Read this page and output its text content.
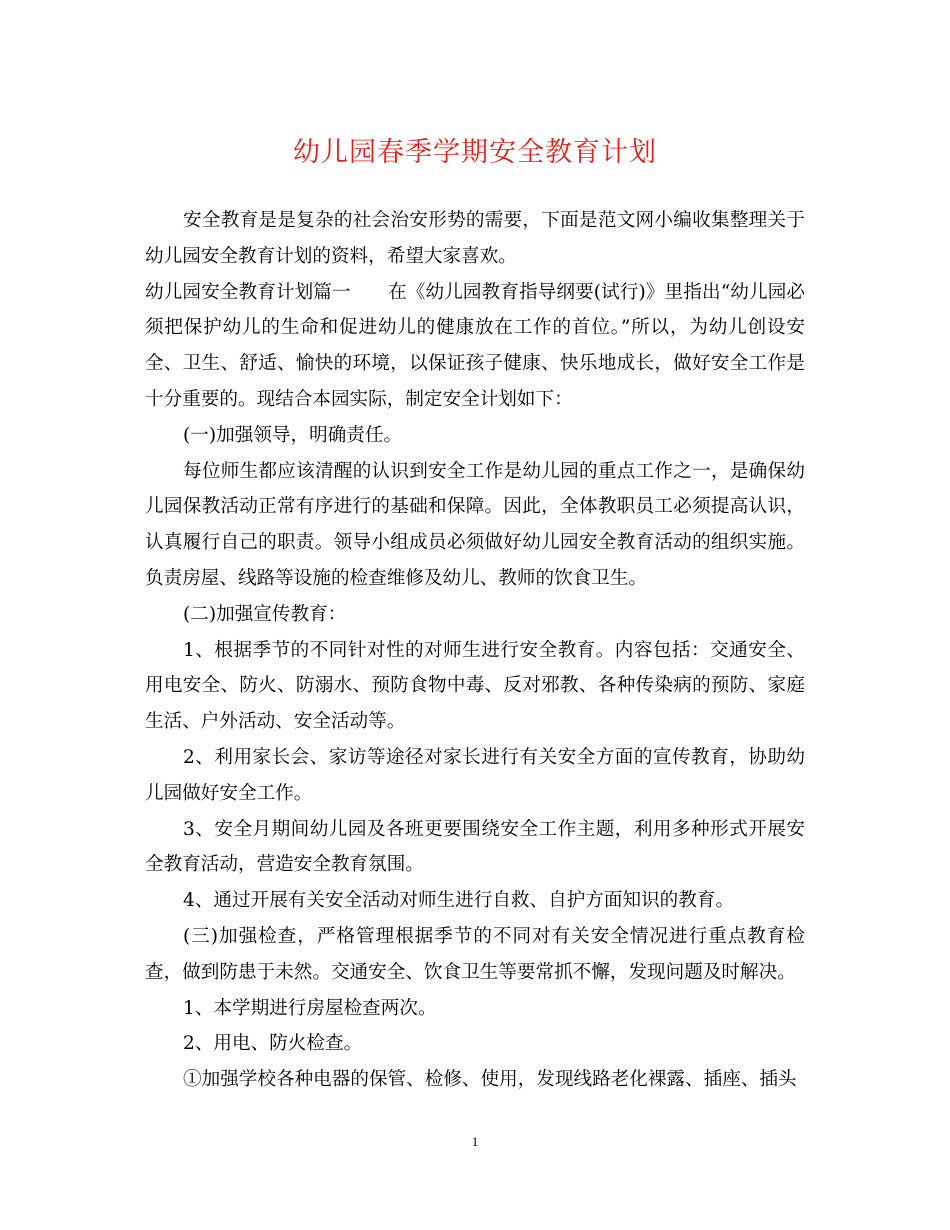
幼儿园春季学期安全教育计划

安全教育是是复杂的社会治安形势的需要，下面是范文网小编收集整理关于幼儿园安全教育计划的资料，希望大家喜欢。

幼儿园安全教育计划篇一　　在《幼儿园教育指导纲要(试行)》里指出“幼儿园必须把保护幼儿的生命和促进幼儿的健康放在工作的首位。”所以，为幼儿创设安全、卫生、舒适、愉快的环境，以保证孩子健康、快乐地成长，做好安全工作是十分重要的。现结合本园实际，制定安全计划如下：

(一)加强领导，明确责任。

每位师生都应该清醒的认识到安全工作是幼儿园的重点工作之一，是确保幼儿园保教活动正常有序进行的基础和保障。因此，全体教职员工必须提高认识，认真履行自己的职责。领导小组成员必须做好幼儿园安全教育活动的组织实施。负责房屋、线路等设施的检查维修及幼儿、教师的饮食卫生。

(二)加强宣传教育：

1、根据季节的不同针对性的对师生进行安全教育。内容包括：交通安全、用电安全、防火、防溺水、预防食物中毒、反对邪教、各种传染病的预防、家庭生活、户外活动、安全活动等。

2、利用家长会、家访等途径对家长进行有关安全方面的宣传教育，协助幼儿园做好安全工作。

3、安全月期间幼儿园及各班更要围绕安全工作主题，利用多种形式开展安全教育活动，营造安全教育氛围。

4、通过开展有关安全活动对师生进行自救、自护方面知识的教育。

(三)加强检查，严格管理根据季节的不同对有关安全情况进行重点教育检查，做到防患于未然。交通安全、饮食卫生等要常抓不懈，发现问题及时解决。

1、本学期进行房屋检查两次。

2、用电、防火检查。

①加强学校各种电器的保管、检修、使用，发现线路老化裸露、插座、插头

1
